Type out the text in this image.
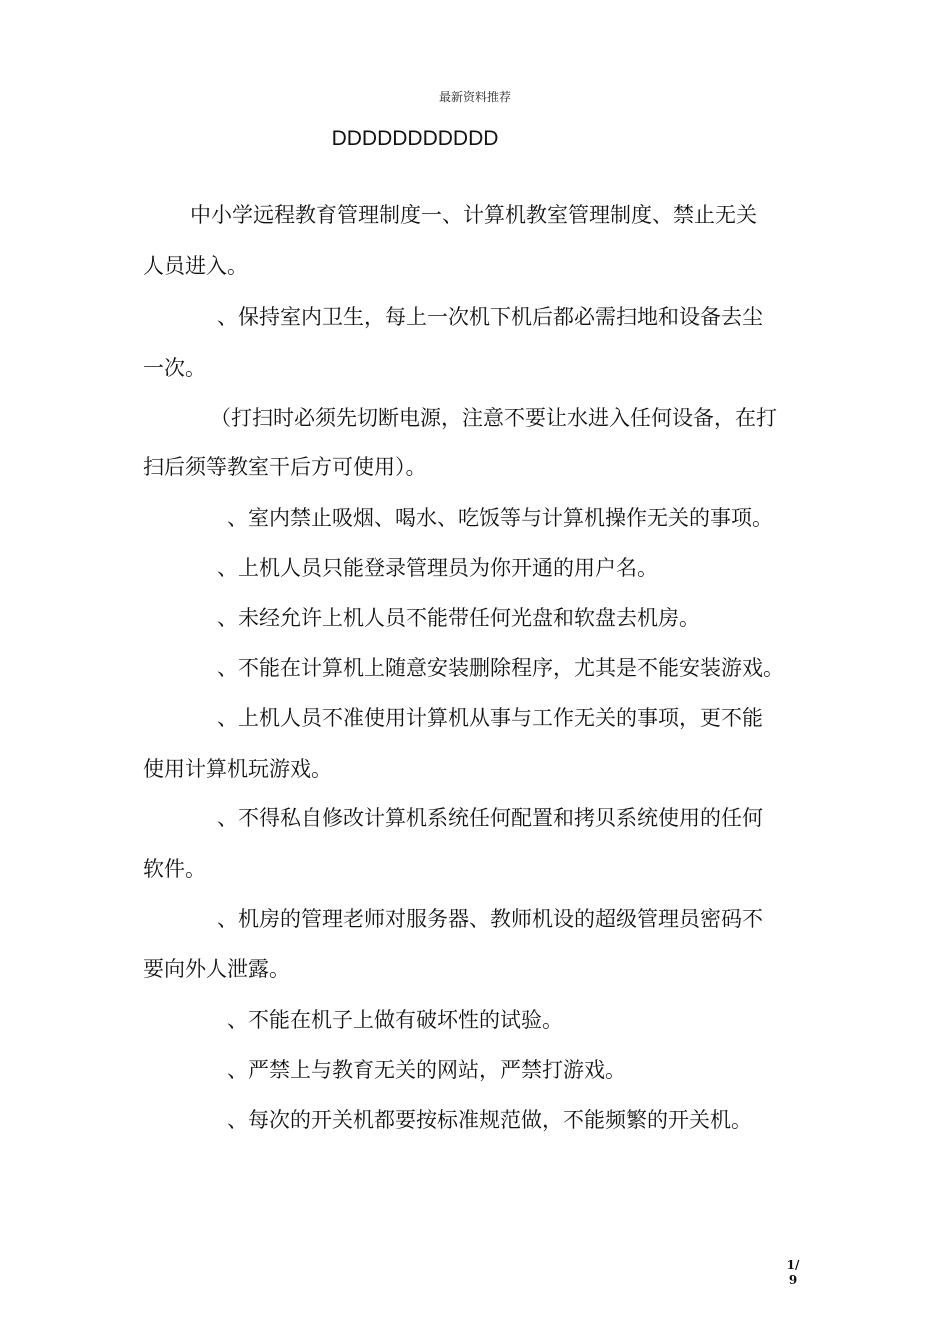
最新资料推荐
DDDDDDDDDDD
中小学远程教育管理制度一、计算机教室管理制度、禁止无关
人员进入。
、保持室内卫生，每上一次机下机后都必需扫地和设备去尘
一次。
（打扫时必须先切断电源，注意不要让水进入任何设备，在打
扫后须等教室干后方可使用）。
、室内禁止吸烟、喝水、吃饭等与计算机操作无关的事项。
、上机人员只能登录管理员为你开通的用户名。
、未经允许上机人员不能带任何光盘和软盘去机房。
、不能在计算机上随意安装删除程序，尤其是不能安装游戏。
、上机人员不准使用计算机从事与工作无关的事项，更不能
使用计算机玩游戏。
、不得私自修改计算机系统任何配置和拷贝系统使用的任何
软件。
、机房的管理老师对服务器、教师机设的超级管理员密码不
要向外人泄露。
、不能在机子上做有破坏性的试验。
、严禁上与教育无关的网站，严禁打游戏。
、每次的开关机都要按标准规范做，不能频繁的开关机。
1/
9
